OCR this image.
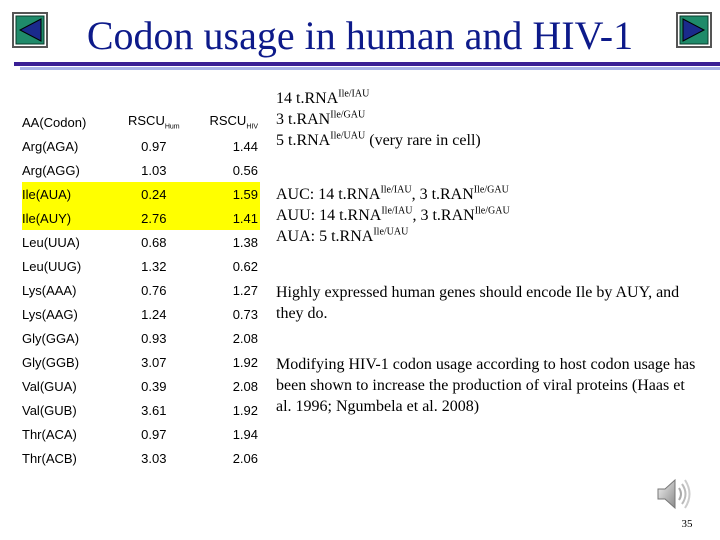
Codon usage in human and HIV-1
AA(Codon)	$RSCU_{Hum}$	$RSCU_{HIV}$
Arg(AGA)	0.97	1.44
Arg(AGG)	1.03	0.56
Ile(AUA)	0.24	1.59
Ile(AUY)	2.76	1.41
Leu(UUA)	0.68	1.38
Leu(UUG)	1.32	0.62
Lys(AAA)	0.76	1.27
Lys(AAG)	1.24	0.73
Gly(GGA)	0.93	2.08
Gly(GGB)	3.07	1.92
Val(GUA)	0.39	2.08
Val(GUB)	3.61	1.92
Thr(ACA)	0.97	1.94
Thr(ACB)	3.03	2.06
14 $t.RNA^{Ile/IAU}$
3 $t.RAN^{Ile/GAU}$
5 $t.RNA^{Ile/UAU}$ (very rare in cell)
AUC: 14 $t.RNA^{Ile/IAU}$, 3 $t.RAN^{Ile/GAU}$
AUU: 14 $t.RNA^{Ile/IAU}$, 3 $t.RAN^{Ile/GAU}$
AUA: 5 $t.RNA^{Ile/UAU}$

Highly expressed human genes should encode Ile by AUY, and they do.

Modifying HIV-1 codon usage according to host codon usage has been shown to increase the production of viral proteins (Haas et al. 1996; Ngumbela et al. 2008)

35
